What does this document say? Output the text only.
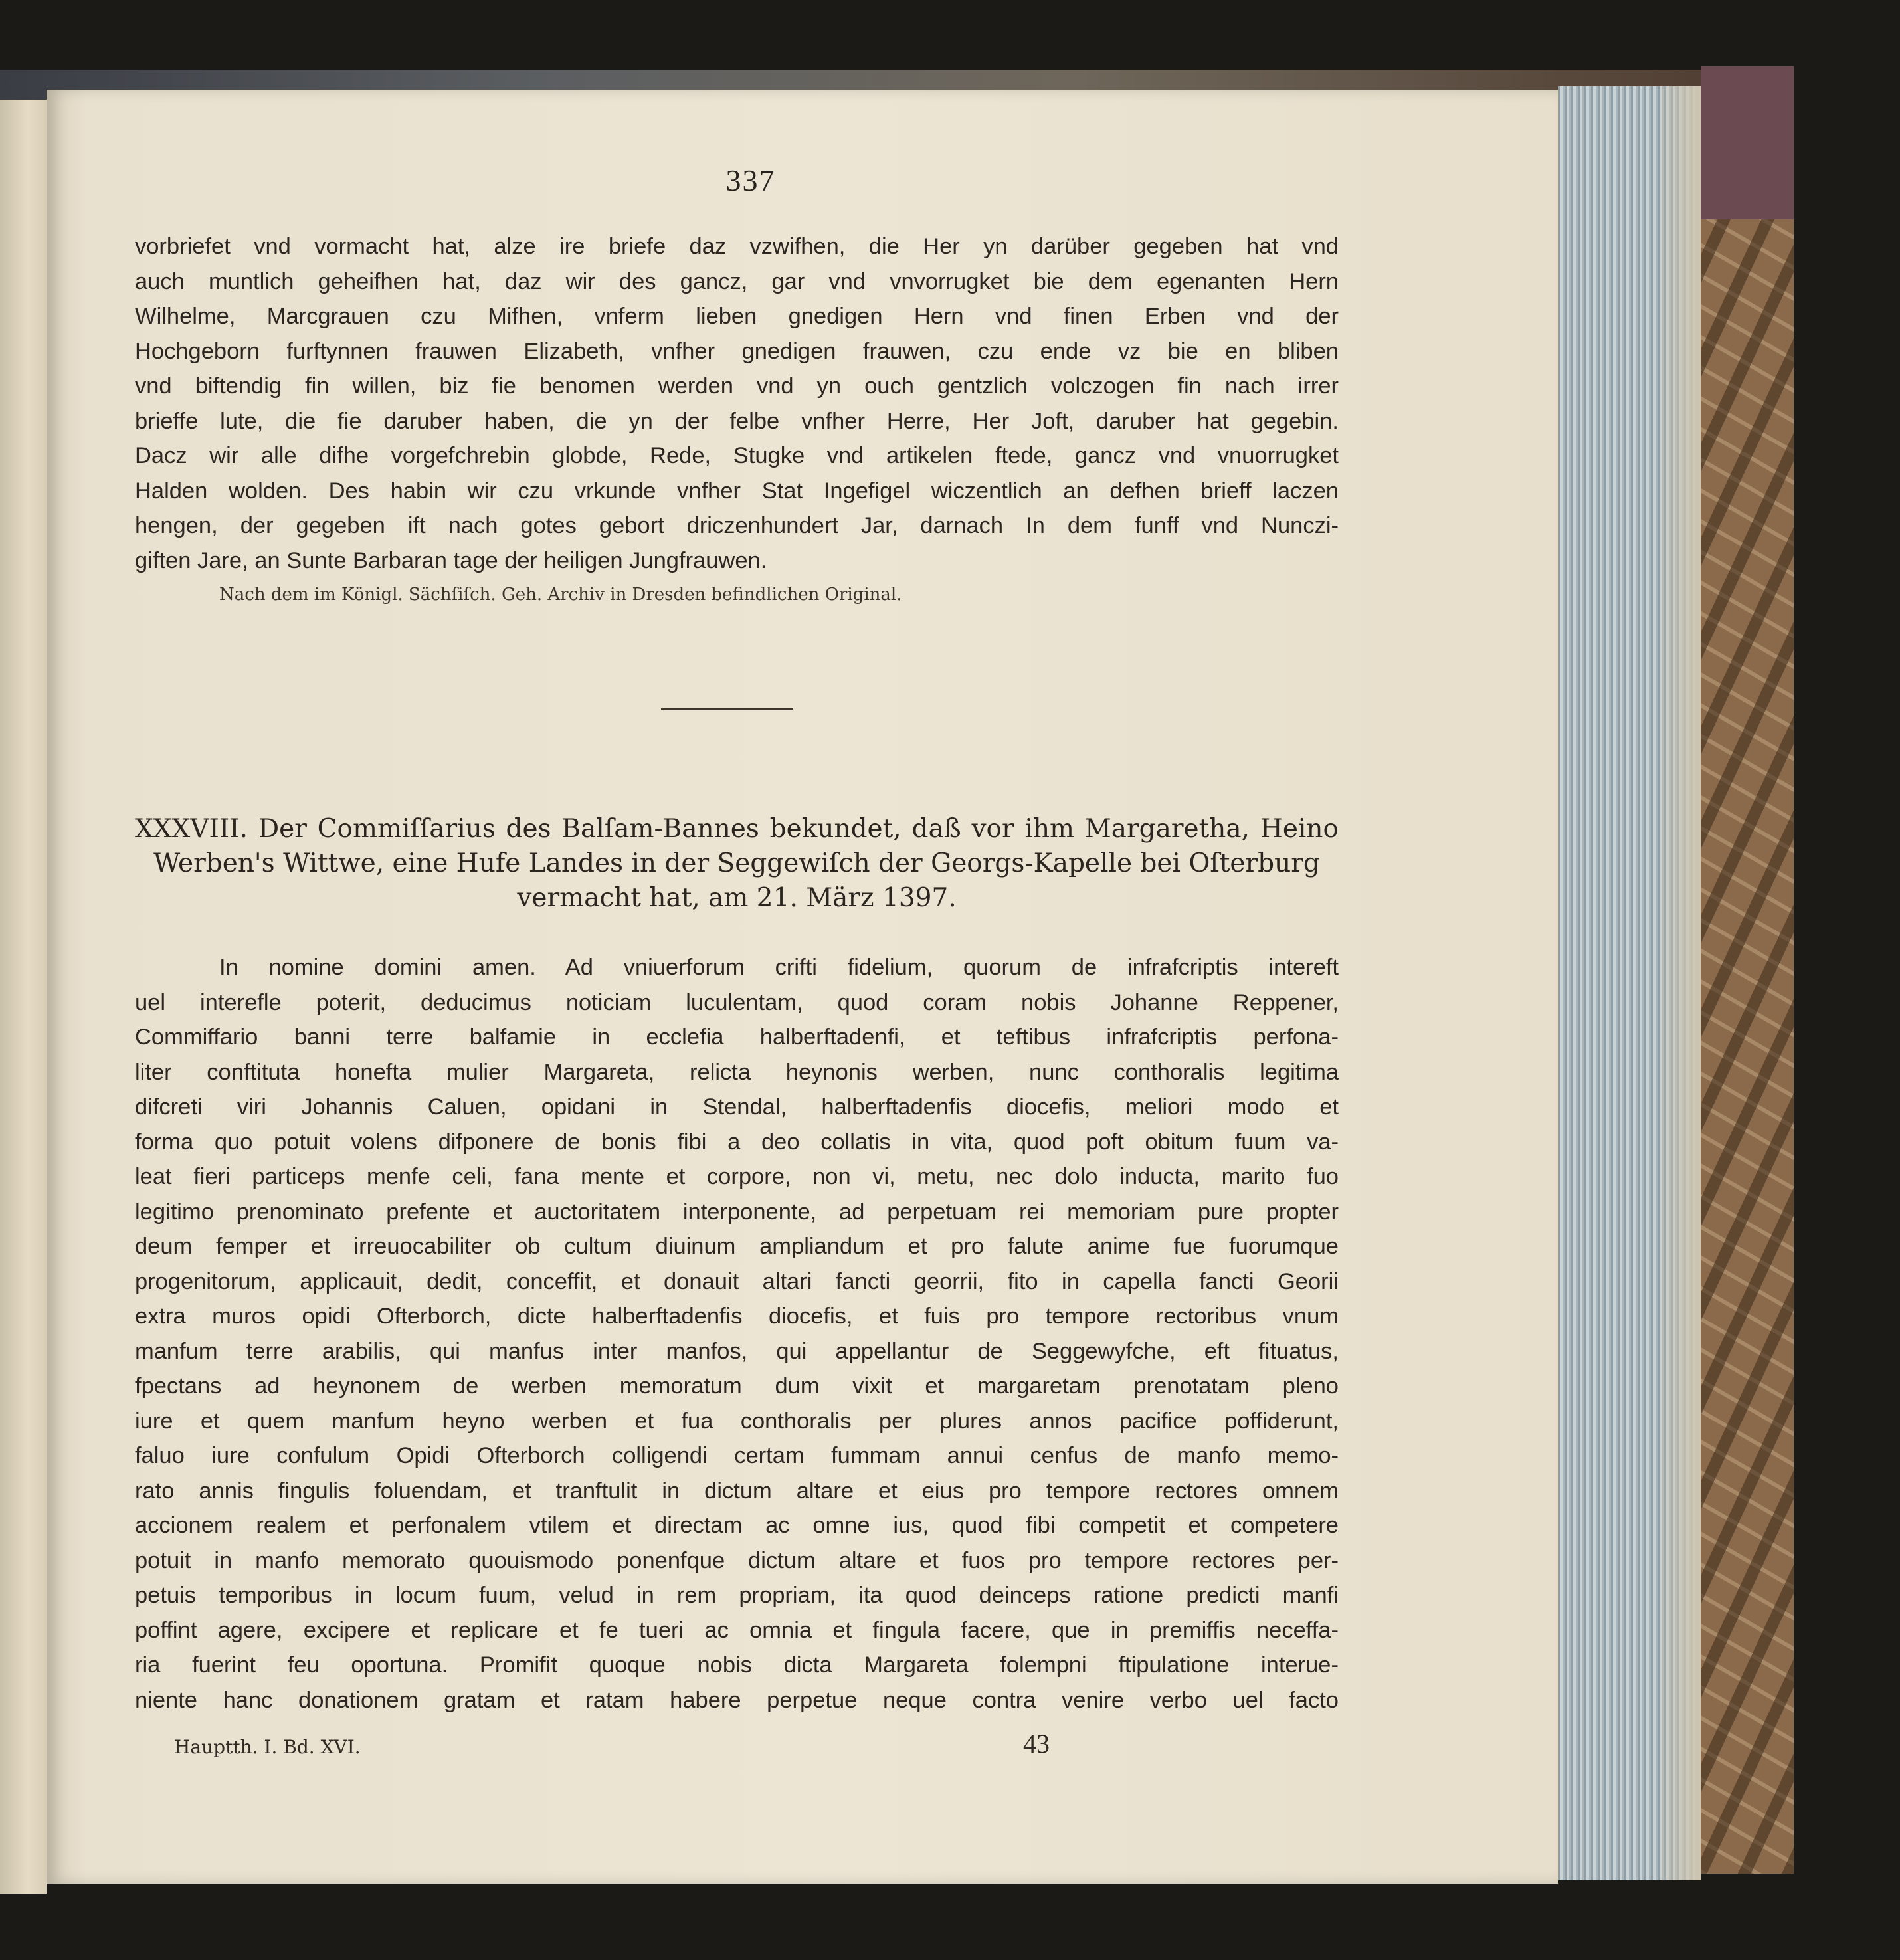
337
vorbriefet vnd vormacht hat, alze ire briefe daz vzwifhen, die Her yn darüber gegeben hat vnd
auch muntlich geheifhen hat, daz wir des gancz, gar vnd vnvorrugket bie dem egenanten Hern
Wilhelme, Marcgrauen czu Mifhen, vnferm lieben gnedigen Hern vnd finen Erben vnd der
Hochgeborn furftynnen frauwen Elizabeth, vnfher gnedigen frauwen, czu ende vz bie en bliben
vnd biftendig fin willen, biz fie benomen werden vnd yn ouch gentzlich volczogen fin nach irrer
brieffe lute, die fie daruber haben, die yn der felbe vnfher Herre, Her Joft, daruber hat gegebin.
Dacz wir alle difhe vorgefchrebin globde, Rede, Stugke vnd artikelen ftede, gancz vnd vnuorrugket
Halden wolden. Des habin wir czu vrkunde vnfher Stat Ingefigel wiczentlich an defhen brieff laczen
hengen, der gegeben ift nach gotes gebort driczenhundert Jar, darnach In dem funff vnd Nunczi-
giften Jare, an Sunte Barbaran tage der heiligen Jungfrauwen.
Nach dem im Königl. Sächſiſch. Geh. Archiv in Dresden befindlichen Original.
XXXVIII. Der Commiſſarius des Balſam-Bannes bekundet, daß vor ihm Margaretha, Heino
Werben's Wittwe, eine Hufe Landes in der Seggewiſch der Georgs-Kapelle bei Oſterburg
vermacht hat, am 21. März 1397.
In nomine domini amen. Ad vniuerforum crifti fidelium, quorum de infrafcriptis intereft
uel interefle poterit, deducimus noticiam luculentam, quod coram nobis Johanne Reppener,
Commiffario banni terre balfamie in ecclefia halberftadenfi, et teftibus infrafcriptis perfona-
liter conftituta honefta mulier Margareta, relicta heynonis werben, nunc conthoralis legitima
difcreti viri Johannis Caluen, opidani in Stendal, halberftadenfis diocefis, meliori modo et
forma quo potuit volens difponere de bonis fibi a deo collatis in vita, quod poft obitum fuum va-
leat fieri particeps menfe celi, fana mente et corpore, non vi, metu, nec dolo inducta, marito fuo
legitimo prenominato prefente et auctoritatem interponente, ad perpetuam rei memoriam pure propter
deum femper et irreuocabiliter ob cultum diuinum ampliandum et pro falute anime fue fuorumque
progenitorum, applicauit, dedit, conceffit, et donauit altari fancti georrii, fito in capella fancti Georii
extra muros opidi Ofterborch, dicte halberftadenfis diocefis, et fuis pro tempore rectoribus vnum
manfum terre arabilis, qui manfus inter manfos, qui appellantur de Seggewyfche, eft fituatus,
fpectans ad heynonem de werben memoratum dum vixit et margaretam prenotatam pleno
iure et quem manfum heyno werben et fua conthoralis per plures annos pacifice poffiderunt,
faluo iure confulum Opidi Ofterborch colligendi certam fummam annui cenfus de manfo memo-
rato annis fingulis foluendam, et tranftulit in dictum altare et eius pro tempore rectores omnem
accionem realem et perfonalem vtilem et directam ac omne ius, quod fibi competit et competere
potuit in manfo memorato quouismodo ponenfque dictum altare et fuos pro tempore rectores per-
petuis temporibus in locum fuum, velud in rem propriam, ita quod deinceps ratione predicti manfi
poffint agere, excipere et replicare et fe tueri ac omnia et fingula facere, que in premiffis neceffa-
ria fuerint feu oportuna. Promifit quoque nobis dicta Margareta folempni ftipulatione interue-
niente hanc donationem gratam et ratam habere perpetue neque contra venire verbo uel facto
Hauptth. I. Bd. XVI.	43
